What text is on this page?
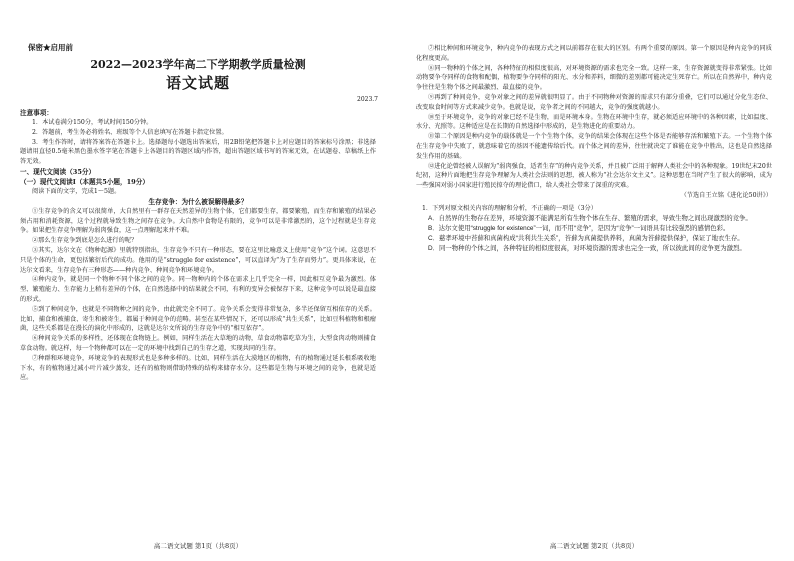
保密★启用前
2022—2023学年高二下学期教学质量检测
语文试题
2023.7

注意事项：

1．本试卷满分150分，考试时间150分钟。

2．答题前，考生务必将姓名、班级等个人信息填写在答题卡指定位置。

3．考生作答时，请将答案答在答题卡上。选择题每小题选出答案后，用2B铅笔把答题卡上对应题目的答案标号涂黑；非选择题请用直径0.5毫米黑色墨水签字笔在答题卡上各题目的答题区域内作答，超出答题区域书写的答案无效，在试题卷、草稿纸上作答无效。

一、现代文阅读（35分）

（一）现代文阅读Ⅰ（本题共5小题，19分）

阅读下面的文字，完成1～5题。

生存竞争：为什么被误解得最多？

①生存竞争的含义可以很简单，大自然里有一群存在天然差异的生物个体，它们都要生存，都要繁殖，而生存和繁殖的结果必须占用和消耗资源，这个过程就导致生物之间存在竞争。大自然中食物是有限的，竞争可以是非常激烈的，这个过程就是生存竞争。如果把生存竞争理解为弱肉强食，这一点理解起来并不难。

②那么生存竞争到底是怎么进行的呢？

③其实，达尔文在《物种起源》里就特别指出，生存竞争不只有一种形态，要在这里比喻意义上使用“竞争”这个词。这意思不只是个体的生命，更包括繁衍后代的成功。他用的是“struggle for existence”，可以直译为“为了生存而努力”。更具体来说，在达尔文看来，生存竞争有三种形态——种内竞争、种间竞争和环境竞争。

④种内竞争，就是同一个物种不同个体之间的竞争。同一物种内的个体在需求上几乎完全一样，因此相互竞争最为激烈。体型、繁殖能力、生存能力上稍有差异的个体，在自然选择中的结果就会不同，有利的变异会被保存下来，这种竞争可以说是最直接的形式。

⑤到了种间竞争，也就是不同物种之间的竞争，由此就完全不同了。竞争关系会变得非常复杂，多半还保留互相依存的关系。比如，捕食和被捕食、寄生和被寄生，都属于种间竞争的范畴。甚至在某些情况下，还可以形成“共生关系”，比如豆科植物和根瘤菌，这些关系都是在漫长的演化中形成的，这就是达尔文所说的生存竞争中的“相互依存”。

⑥种间竞争关系的多样性，还体现在食物链上。例如，同样生活在大草地的动物，草食动物靠吃草为生，大型食肉动物则捕食草食动物。就这样，每一个物种都可以在一定的环境中找到自己的生存之道，实现共同的生存。

⑦种群和环境竞争，环境竞争的表现形式也是多种多样的。比如，同样生活在大漠地区的植物，有的植物通过延长根系吸收地下水，有的植物通过减小叶片减少蒸发，还有的植物则借助特殊的结构来储存水分。这些都是生物与环境之间的竞争，也就是适应。

高二语文试题 第1页（共8页）

⑦相比种间和环境竞争，种内竞争的表现方式之间以前都存在很大的区别。有两个重要的原因。第一个原因是种内竞争的同质化程度更高。

⑧同一物种的个体之间，各种特征的相似度很高，对环境资源的需求也完全一致。这样一来，生存资源就变得非常紧张。比如动物要争夺同样的食物和配偶，植物要争夺同样的阳光、水分和养料，细微的差别都可能决定生死存亡。所以在自然界中，种内竞争往往是生物个体之间最激烈、最直接的竞争。

⑨再到了种间竞争，竞争对象之间的差异就很明显了。由于不同物种对资源的需求只有部分重叠，它们可以通过分化生态位、改变取食时间等方式来减少竞争。也就是说，竞争者之间的不同越大，竞争的强度就越小。

⑩至于环境竞争，竞争的对象已经不是生物，而是环境本身。生物在环境中生存，就必须适应环境中的各种因素，比如温度、水分、光照等。这种适应是在长期的自然选择中形成的，是生物进化的重要动力。

⑪第二个原因是种内竞争的载体就是一个个生物个体，竞争的结果会体现在这些个体是否能够存活和繁殖下去。一个生物个体在生存竞争中失败了，就意味着它的基因不能遗传给后代。而个体之间的差异，往往就决定了谁能在竞争中胜出，这也是自然选择发生作用的基础。

⑫进化论曾经被人误解为“弱肉强食，适者生存”的种内竞争关系，并且被广泛用于解释人类社会中的各种现象。19世纪末20世纪初，这种片面地把生存竞争理解为人类社会法则的思想，被人称为“社会达尔文主义”。这种思想在当时产生了很大的影响，成为一些强国对弱小国家进行殖民掠夺的理论借口，给人类社会带来了深重的灾难。

（节选自王立铭《进化论50讲》）

1．下列对原文相关内容的理解和分析，不正确的一项是（3分）

A．自然界的生物存在差异，环境资源不能满足所有生物个体在生存、繁殖的需求，导致生物之间出现激烈的竞争。

B．达尔文使用“struggle for existence”一词，而不用“竞争”，是因为“竞争”一词语具有比较强烈的感情色彩。

C．慈孝环境中苔藓和真菌构成“共利共生关系”，苔藓为真菌提供养料，真菌为苔藓提供保护，保证了地衣生存。

D．同一物种的个体之间，各种特征的相似度很高，对环境资源的需求也完全一致，所以彼此间的竞争更为激烈。

高二语文试题 第2页（共8页）
